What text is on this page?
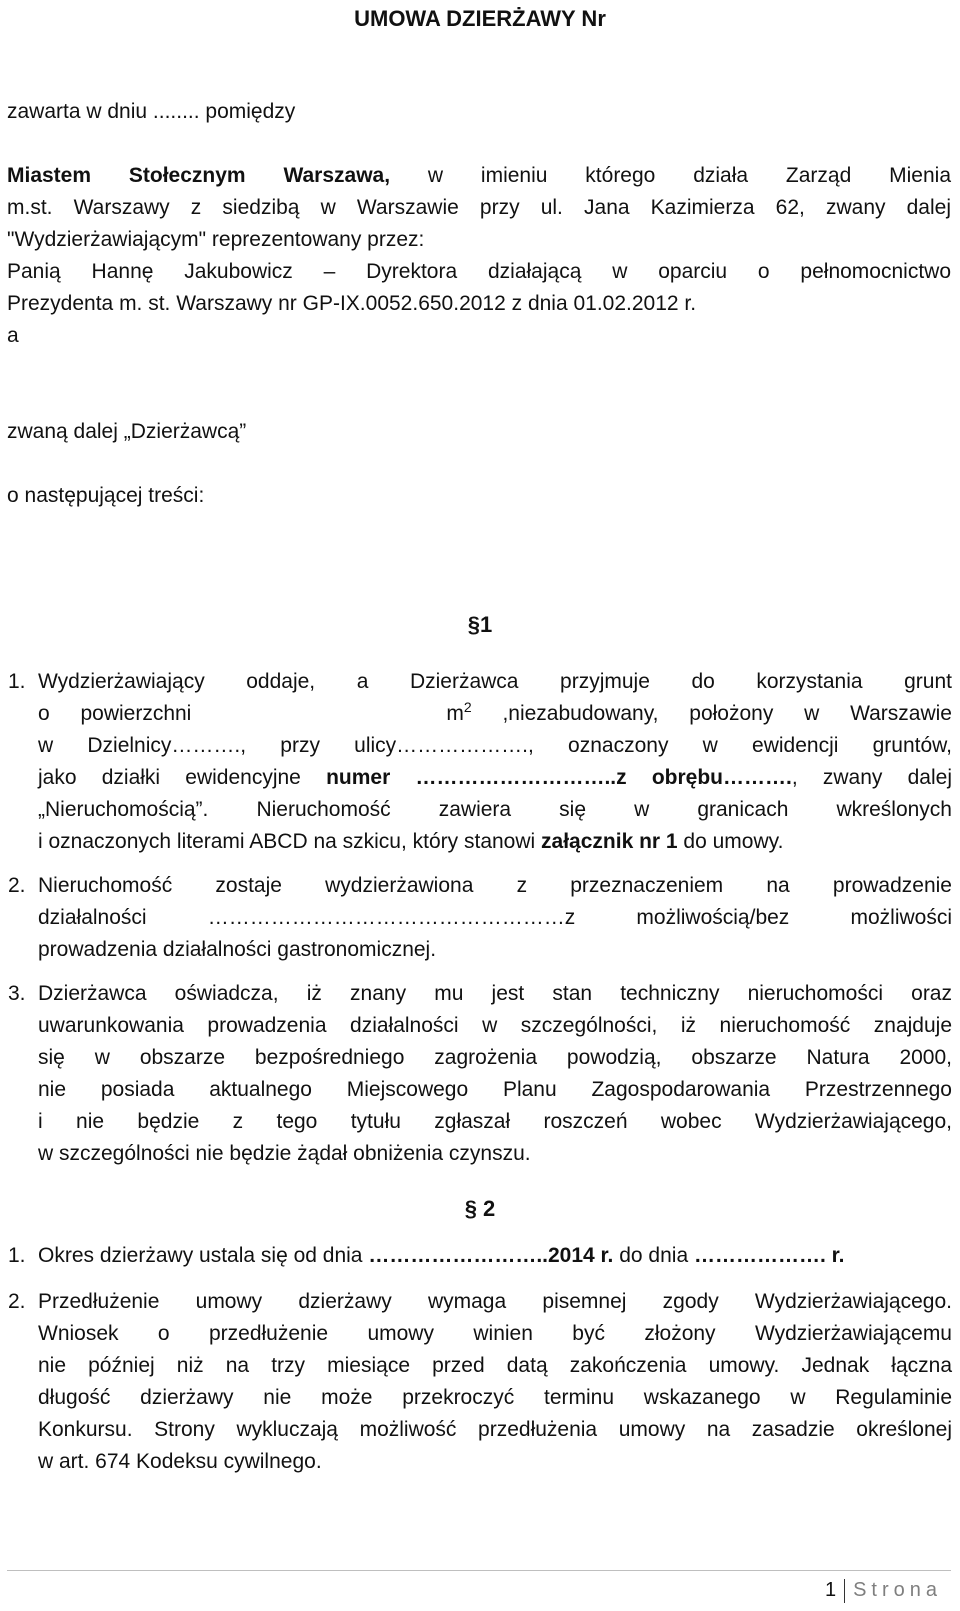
UMOWA DZIERŻAWY Nr
zawarta w dniu ........ pomiędzy
Miastem Stołecznym Warszawa, w imieniu którego działa Zarząd Mienia
m.st. Warszawy z siedzibą w Warszawie przy ul. Jana Kazimierza 62, zwany dalej
"Wydzierżawiającym" reprezentowany przez:
Panią Hannę Jakubowicz – Dyrektora działającą w oparciu o pełnomocnictwo
Prezydenta m. st. Warszawy nr GP-IX.0052.650.2012 z dnia 01.02.2012 r.
a
zwaną dalej „Dzierżawcą”
o następującej treści:
§1
1. Wydzierżawiający oddaje, a Dzierżawca przyjmuje do korzystania grunt
o powierzchni	$m^2$ ,niezabudowany, położony w Warszawie
w Dzielnicy………., przy ulicy………………., oznaczony w ewidencji gruntów,
jako działki ewidencyjne numer ………………………..z obrębu………., zwany dalej
„Nieruchomością”. Nieruchomość zawiera się w granicach wkreślonych
i oznaczonych literami ABCD na szkicu, który stanowi załącznik nr 1 do umowy.
2. Nieruchomość zostaje wydzierżawiona z przeznaczeniem na prowadzenie
działalności ……………………………………………z możliwością/bez możliwości
prowadzenia działalności gastronomicznej.
3. Dzierżawca oświadcza, iż znany mu jest stan techniczny nieruchomości oraz
uwarunkowania prowadzenia działalności w szczególności, iż nieruchomość znajduje
się w obszarze bezpośredniego zagrożenia powodzią, obszarze Natura 2000,
nie posiada aktualnego Miejscowego Planu Zagospodarowania Przestrzennego
i nie będzie z tego tytułu zgłaszał roszczeń wobec Wydzierżawiającego,
w szczególności nie będzie żądał obniżenia czynszu.
§ 2
1. Okres dzierżawy ustala się od dnia ……………………..2014 r. do dnia ………………. r.
2. Przedłużenie umowy dzierżawy wymaga pisemnej zgody Wydzierżawiającego.
Wniosek o przedłużenie umowy winien być złożony Wydzierżawiającemu
nie później niż na trzy miesiące przed datą zakończenia umowy. Jednak łączna
długość dzierżawy nie może przekroczyć terminu wskazanego w Regulaminie
Konkursu. Strony wykluczają możliwość przedłużenia umowy na zasadzie określonej
w art. 674 Kodeksu cywilnego.
1 Strona
